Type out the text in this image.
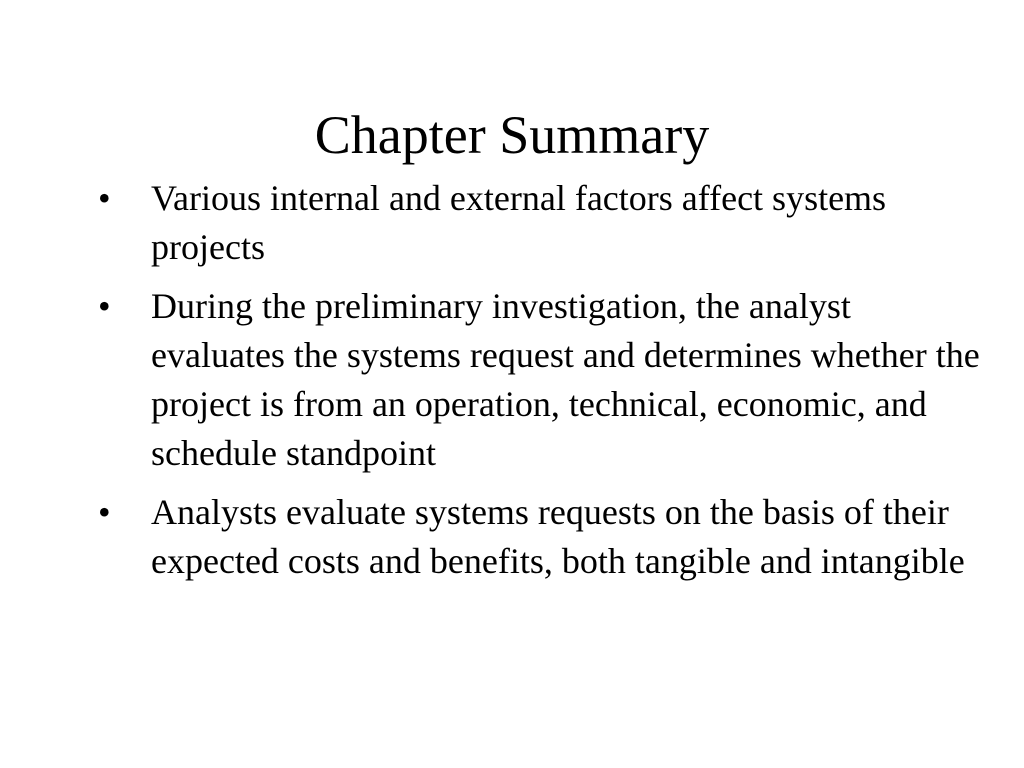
Chapter Summary
•	Various internal and external factors affect systems projects
•	During the preliminary investigation, the analyst evaluates the systems request and determines whether the project is from an operation, technical, economic, and schedule standpoint
•	Analysts evaluate systems requests on the basis of their expected costs and benefits, both tangible and intangible
